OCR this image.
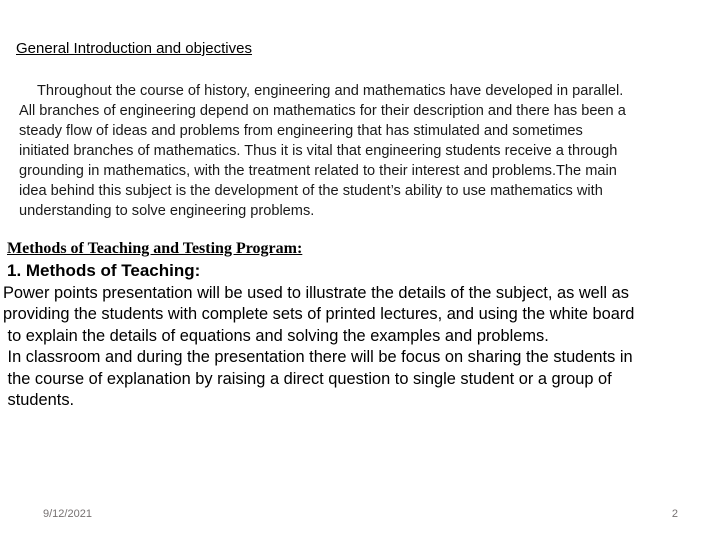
General Introduction and objectives

Throughout the course of history, engineering and mathematics have developed in parallel.
All branches of engineering depend on mathematics for their description and there has been a
steady flow of ideas and problems from engineering that has stimulated and sometimes
initiated branches of mathematics. Thus it is vital that engineering students receive a through
grounding in mathematics, with the treatment related to their interest and problems.The main
idea behind this subject is the development of the student’s ability to use mathematics with
understanding to solve engineering problems.

Methods of Teaching and Testing Program:
1. Methods of Teaching:

Power points presentation will be used to illustrate the details of the subject, as well as
providing the students with complete sets of printed lectures, and using the white board
to explain the details of equations and solving the examples and problems.
In classroom and during the presentation there will be focus on sharing the students in
the course of explanation by raising a direct question to single student or a group of
students.

9/12/2021	2
